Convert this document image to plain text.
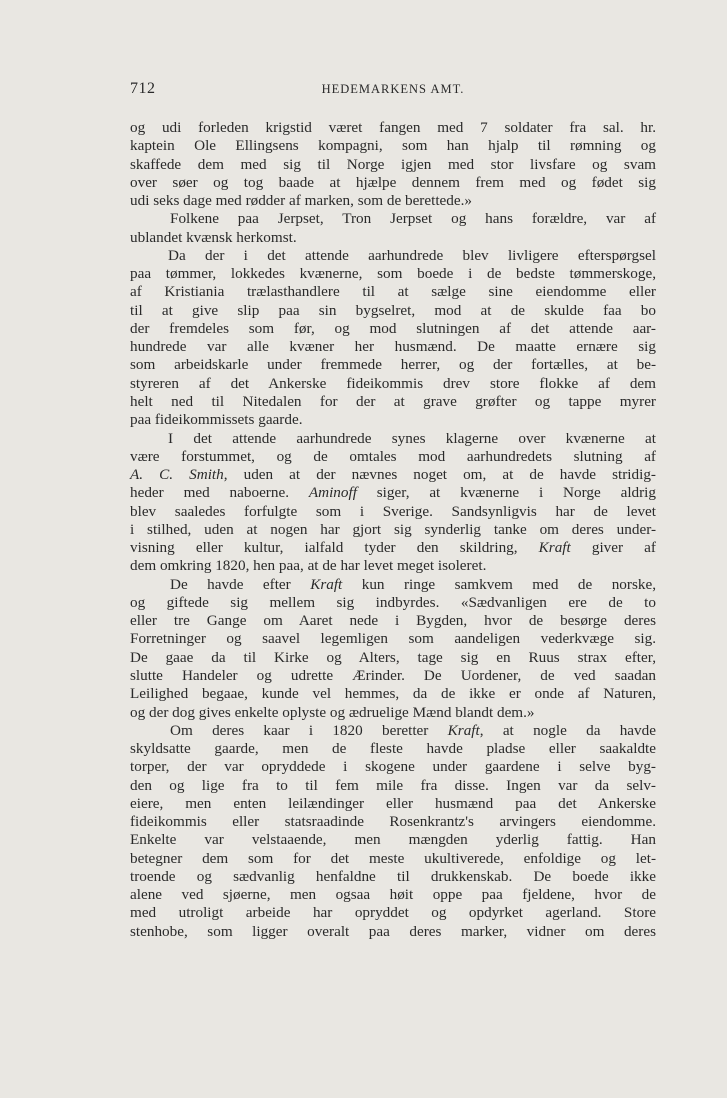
712	HEDEMARKENS AMT.
og udi forleden krigstid været fangen med 7 soldater fra sal. hr.
kaptein Ole Ellingsens kompagni, som han hjalp til rømning og
skaffede dem med sig til Norge igjen med stor livsfare og svam
over søer og tog baade at hjælpe dennem frem med og fødet sig
udi seks dage med rødder af marken, som de berettede.»
Folkene paa Jerpset, Tron Jerpset og hans forældre, var af
ublandet kvænsk herkomst.
Da der i det attende aarhundrede blev livligere efterspørgsel
paa tømmer, lokkedes kvænerne, som boede i de bedste tømmerskoge,
af Kristiania trælasthandlere til at sælge sine eiendomme eller
til at give slip paa sin bygselret, mod at de skulde faa bo
der fremdeles som før, og mod slutningen af det attende aar-
hundrede var alle kvæner her husmænd. De maatte ernære sig
som arbeidskarle under fremmede herrer, og der fortælles, at be-
styreren af det Ankerske fideikommis drev store flokke af dem
helt ned til Nitedalen for der at grave grøfter og tappe myrer
paa fideikommissets gaarde.
I det attende aarhundrede synes klagerne over kvænerne at
være forstummet, og de omtales mod aarhundredets slutning af
A. C. Smith, uden at der nævnes noget om, at de havde stridig-
heder med naboerne. Aminoff siger, at kvænerne i Norge aldrig
blev saaledes forfulgte som i Sverige. Sandsynligvis har de levet
i stilhed, uden at nogen har gjort sig synderlig tanke om deres under-
visning eller kultur, ialfald tyder den skildring, Kraft giver af
dem omkring 1820, hen paa, at de har levet meget isoleret.
De havde efter Kraft kun ringe samkvem med de norske,
og giftede sig mellem sig indbyrdes. «Sædvanligen ere de to
eller tre Gange om Aaret nede i Bygden, hvor de besørge deres
Forretninger og saavel legemligen som aandeligen vederkvæge sig.
De gaae da til Kirke og Alters, tage sig en Ruus strax efter,
slutte Handeler og udrette Ærinder. De Uordener, de ved saadan
Leilighed begaae, kunde vel hemmes, da de ikke er onde af Naturen,
og der dog gives enkelte oplyste og ædruelige Mænd blandt dem.»
Om deres kaar i 1820 beretter Kraft, at nogle da havde
skyldsatte gaarde, men de fleste havde pladse eller saakaldte
torper, der var opryddede i skogene under gaardene i selve byg-
den og lige fra to til fem mile fra disse. Ingen var da selv-
eiere, men enten leilændinger eller husmænd paa det Ankerske
fideikommis eller statsraadinde Rosenkrantz's arvingers eiendomme.
Enkelte var velstaaende, men mængden yderlig fattig. Han
betegner dem som for det meste ukultiverede, enfoldige og let-
troende og sædvanlig henfaldne til drukkenskab. De boede ikke
alene ved sjøerne, men ogsaa høit oppe paa fjeldene, hvor de
med utroligt arbeide har opryddet og opdyrket agerland. Store
stenhobe, som ligger overalt paa deres marker, vidner om deres
